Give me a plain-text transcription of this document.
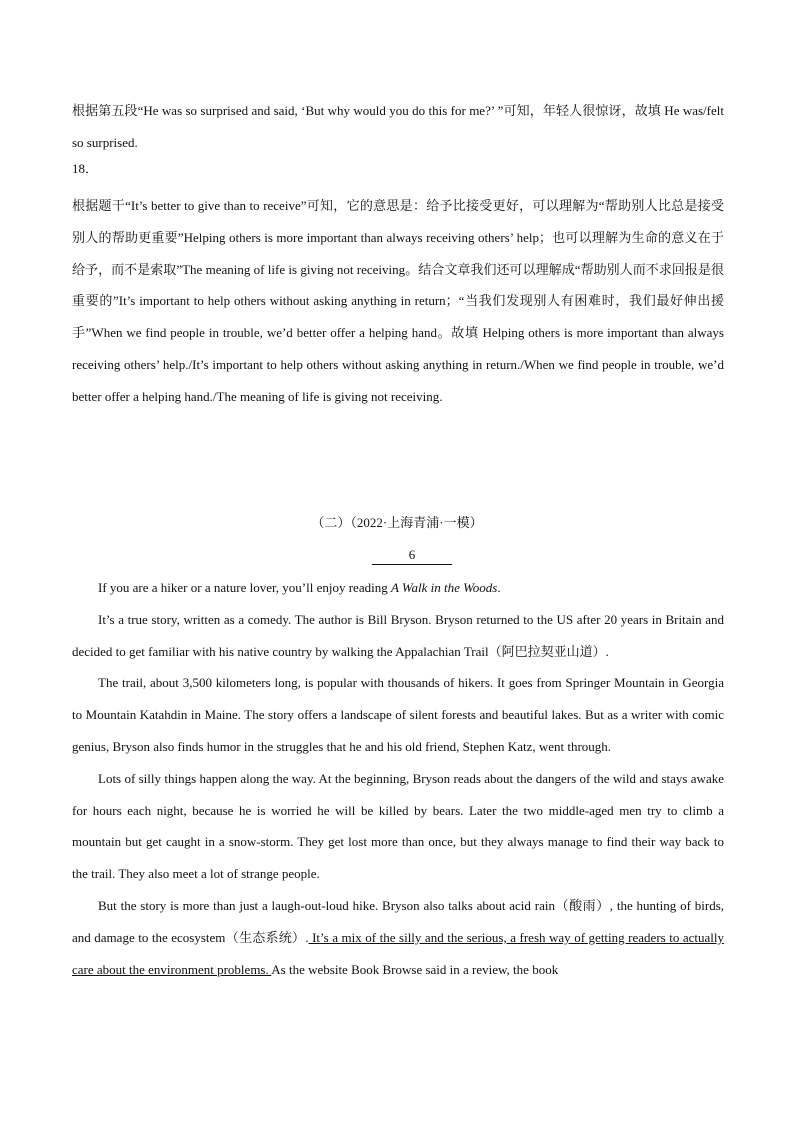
根据第五段“He was so surprised and said, ‘But why would you do this for me?’ ”可知，年轻人很惊讶，故填 He was/felt so surprised.

18．

根据题干“It’s better to give than to receive”可知，它的意思是：给予比接受更好，可以理解为“帮助别人比总是接受别人的帮助更重要”Helping others is more important than always receiving others’ help；也可以理解为生命的意义在于给予，而不是索取”The meaning of life is giving not receiving。结合文章我们还可以理解成“帮助别人而不求回报是很重要的”It’s important to help others without asking anything in return；“当我们发现别人有困难时，我们最好伸出援手”When we find people in trouble, we’d better offer a helping hand。故填 Helping others is more important than always receiving others’ help./It’s important to help others without asking anything in return./When we find people in trouble, we’d better offer a helping hand./The meaning of life is giving not receiving.

（二）（2022·上海青浦·一模）

6

If you are a hiker or a nature lover, you’ll enjoy reading A Walk in the Woods.

It’s a true story, written as a comedy. The author is Bill Bryson. Bryson returned to the US after 20 years in Britain and decided to get familiar with his native country by walking the Appalachian Trail（阿巴拉契亚山道）.

The trail, about 3,500 kilometers long, is popular with thousands of hikers. It goes from Springer Mountain in Georgia to Mountain Katahdin in Maine. The story offers a landscape of silent forests and beautiful lakes. But as a writer with comic genius, Bryson also finds humor in the struggles that he and his old friend, Stephen Katz, went through.

Lots of silly things happen along the way. At the beginning, Bryson reads about the dangers of the wild and stays awake for hours each night, because he is worried he will be killed by bears. Later the two middle-aged men try to climb a mountain but get caught in a snow-storm. They get lost more than once, but they always manage to find their way back to the trail. They also meet a lot of strange people.

But the story is more than just a laugh-out-loud hike. Bryson also talks about acid rain（酸雨）, the hunting of birds, and damage to the ecosystem（生态系统）. It’s a mix of the silly and the serious, a fresh way of getting readers to actually care about the environment problems. As the website Book Browse said in a review, the book
